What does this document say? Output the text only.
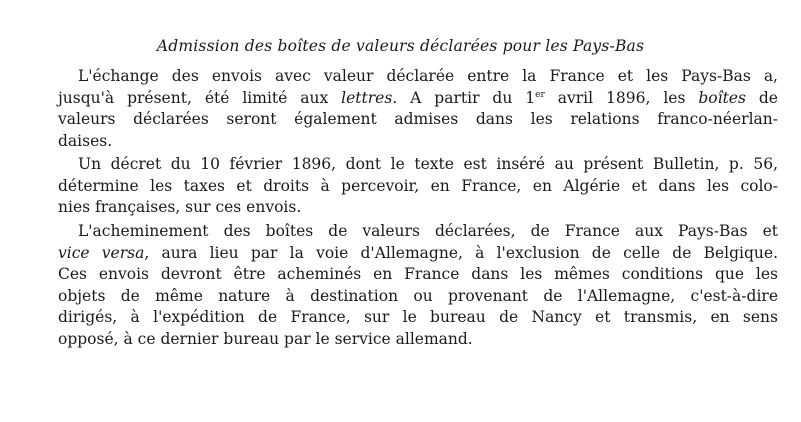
Admission des boîtes de valeurs déclarées pour les Pays-Bas
L'échange des envois avec valeur déclarée entre la France et les Pays-Bas a,
jusqu'à présent, été limité aux lettres. A partir du 1er avril 1896, les boîtes de
valeurs déclarées seront également admises dans les relations franco-néerlan-
daises.
Un décret du 10 février 1896, dont le texte est inséré au présent Bulletin, p. 56,
détermine les taxes et droits à percevoir, en France, en Algérie et dans les colo-
nies françaises, sur ces envois.
L'acheminement des boîtes de valeurs déclarées, de France aux Pays-Bas et
vice versa, aura lieu par la voie d'Allemagne, à l'exclusion de celle de Belgique.
Ces envois devront être acheminés en France dans les mêmes conditions que les
objets de même nature à destination ou provenant de l'Allemagne, c'est-à-dire
dirigés, à l'expédition de France, sur le bureau de Nancy et transmis, en sens
opposé, à ce dernier bureau par le service allemand.
